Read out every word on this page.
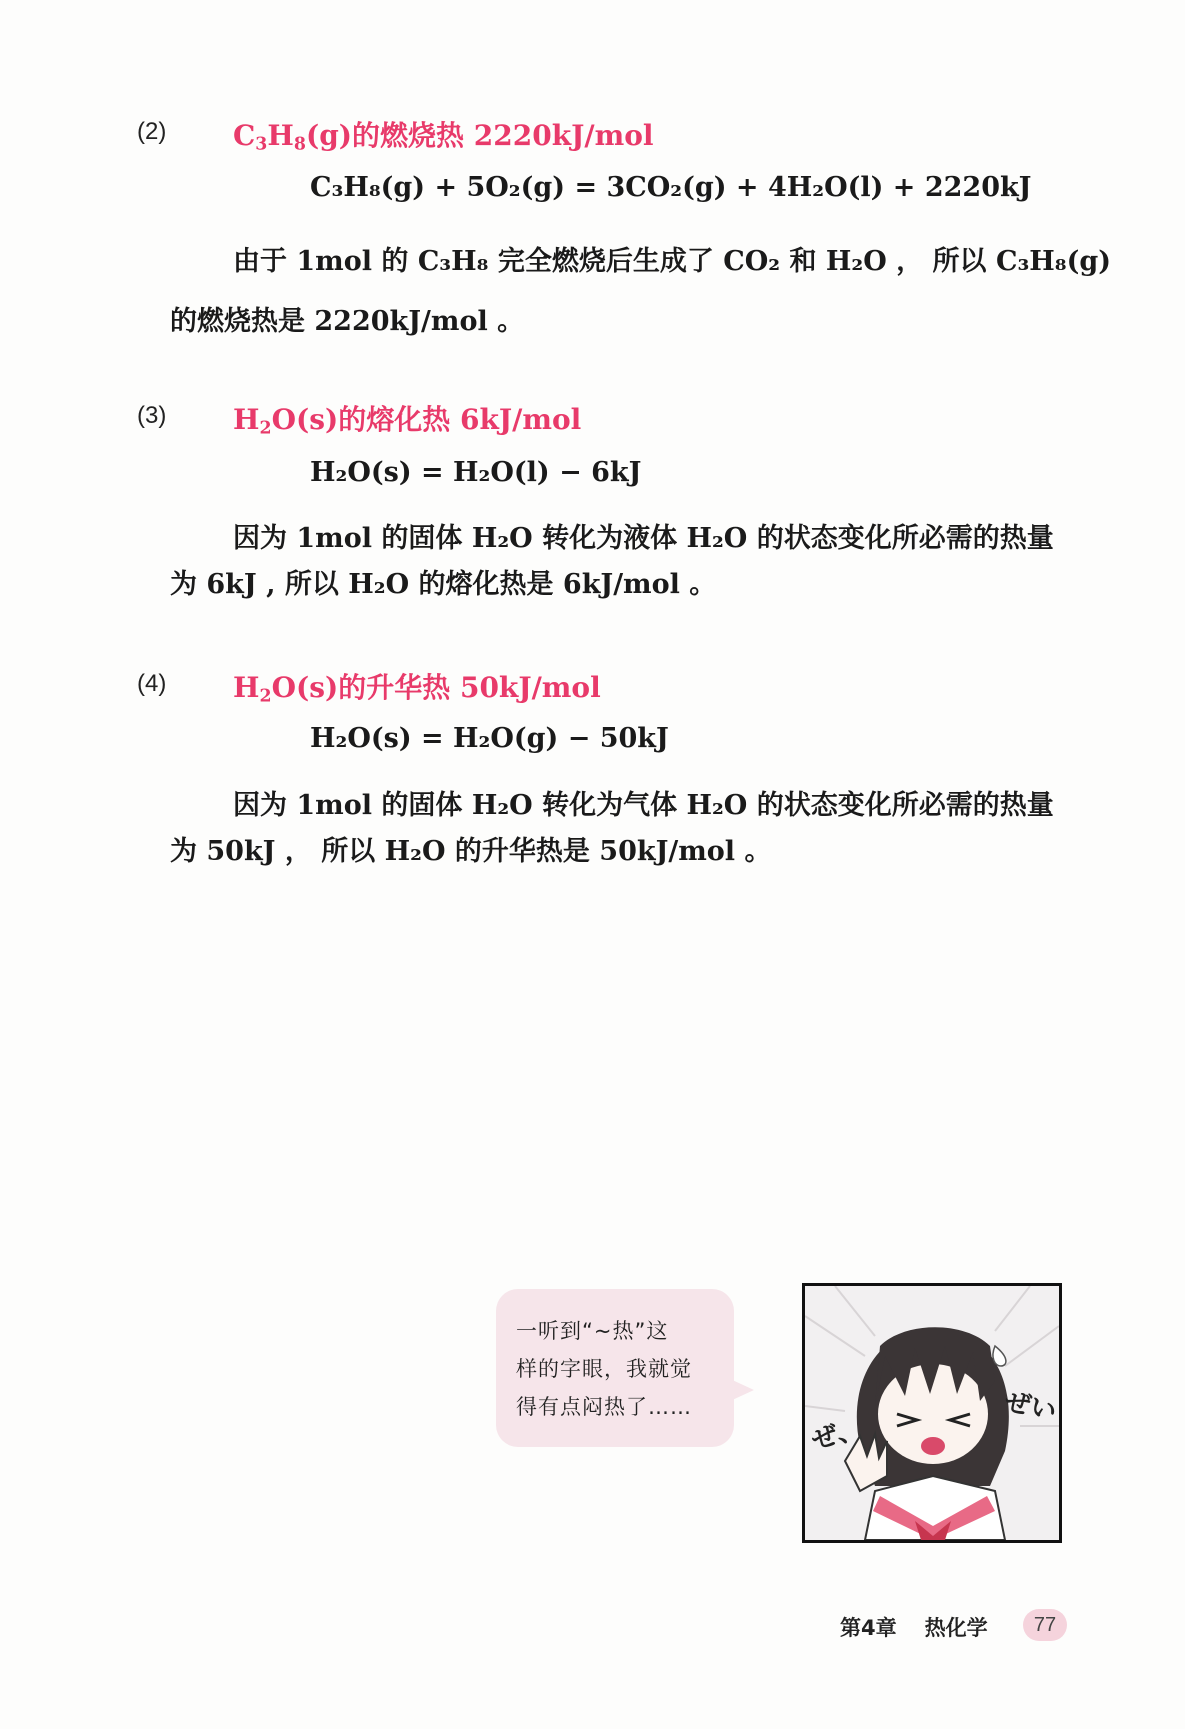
(2) $C_3H_8(g)$的燃烧热 2220kJ/mol
C₃H₈(g) + 5O₂(g) = 3CO₂(g) + 4H₂O(l) + 2220kJ

由于 1mol 的 C₃H₈ 完全燃烧后生成了 CO₂ 和 H₂O ， 所以 C₃H₈(g)

的燃烧热是 2220kJ/mol 。

(3) $H_2O(s)$的熔化热 6kJ/mol
H₂O(s) = H₂O(l) − 6kJ

因为 1mol 的固体 H₂O 转化为液体 H₂O 的状态变化所必需的热量

为 6kJ , 所以 H₂O 的熔化热是 6kJ/mol 。

(4) $H_2O(s)$的升华热 50kJ/mol
H₂O(s) = H₂O(g) − 50kJ

因为 1mol 的固体 H₂O 转化为气体 H₂O 的状态变化所必需的热量

为 50kJ ， 所以 H₂O 的升华热是 50kJ/mol 。

一听到“~热”这
样的字眼，我就觉
得有点闷热了……
ぜ、
ぜい
第4章 热化学	77
